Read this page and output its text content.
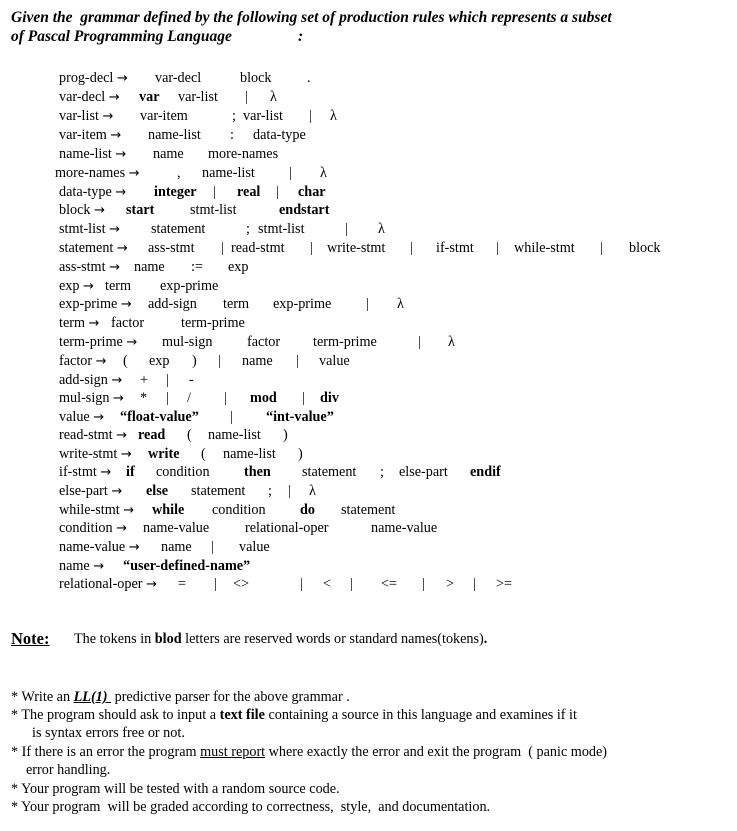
Given the  grammar defined by the following set of production rules which represents a subset
of Pascal Programming Language	:
prog-decl → var-decl	block .
var-decl → var var-list | λ
var-list → var-item	; var-list | λ
var-item → name-list : data-type
name-list → name more-names
more-names →	, name-list | λ
data-type → integer | real | char
block → start	stmt-list	endstart
stmt-list → statement	; stmt-list	| λ
statement → ass-stmt | read-stmt | write-stmt | if-stmt | while-stmt | block
ass-stmt → name := exp
exp → term exp-prime
exp-prime → add-sign term exp-prime | λ
term → factor	term-prime
term-prime → mul-sign factor term-prime	| λ
factor → ( exp ) | name | value
add-sign → + | -
mul-sign → * | / | mod | div
value → “float-value” | “int-value”
read-stmt → read ( name-list )
write-stmt → write ( name-list )
if-stmt → if condition then statement ; else-part endif
else-part → else statement ; | λ
while-stmt → while condition do statement
condition → name-value	relational-oper	name-value
name-value → name | value
name → “user-defined-name”
relational-oper → = | <>	| < | <= | > | >=
Note: The tokens in blod letters are reserved words or standard names(tokens).
* Write an LL(1)  predictive parser for the above grammar .
* The program should ask to input a text file containing a source in this language and examines if it
is syntax errors free or not.
* If there is an error the program must report where exactly the error and exit the program  ( panic mode)
error handling.
* Your program will be tested with a random source code.
* Your program  will be graded according to correctness,  style,  and documentation.
